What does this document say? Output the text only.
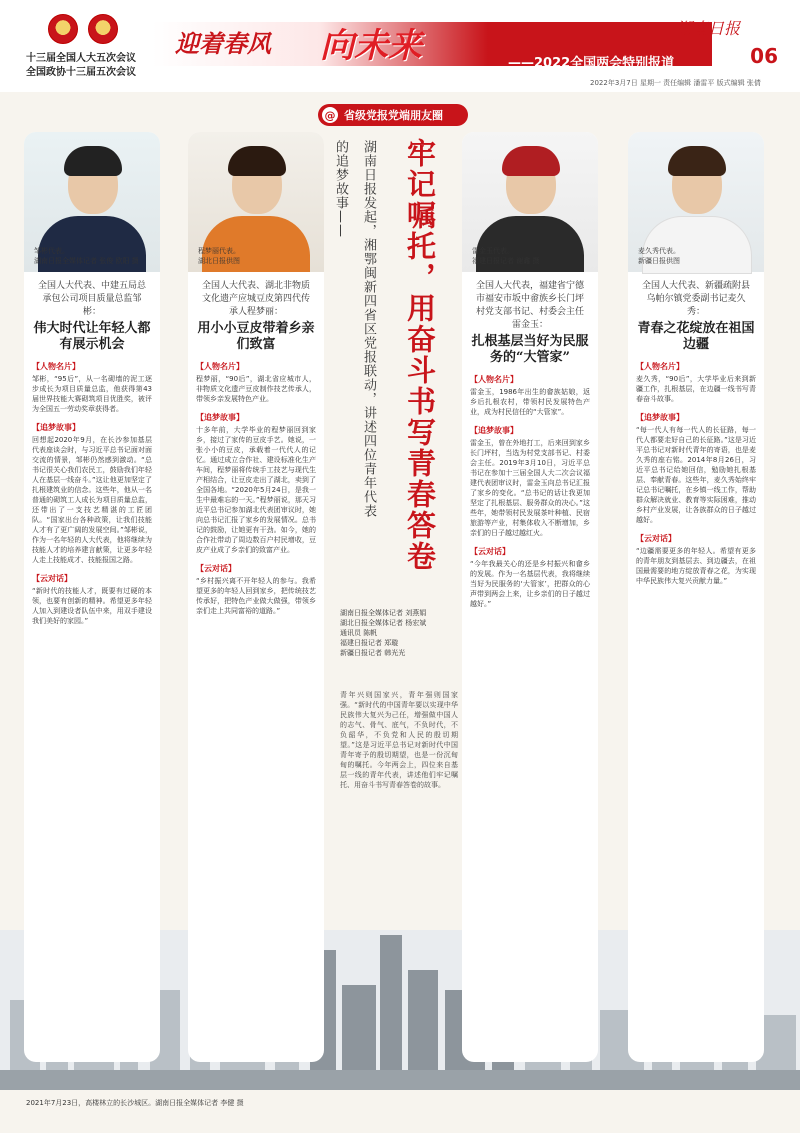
十三届全国人大五次会议
全国政协十三届五次会议
迎着春风 向未来	——2022全国两会特别报道
湖南日报
06
2022年3月7日 星期一 责任编辑 潘雷平 版式编辑 张倩
@ 省级党报党端朋友圈
邹彬代表。
湖南日报全媒体记者 张俊 欧阳 摄
全国人大代表、中建五局总承包公司项目质量总监邹彬：
伟大时代让年轻人都有展示机会
【人物名片】
邹彬，“95后”，从一名砌墙的泥工逐步成长为项目质量总监，他获得第43届世界技能大赛砌筑项目优胜奖，被评为全国五一劳动奖章获得者。
【追梦故事】
回想起2020年9月，在长沙参加基层代表座谈会时，与习近平总书记面对面交流的情景，邹彬仍然感到激动。“总书记很关心我们农民工，鼓励我们年轻人在基层一线奋斗。”这让他更加坚定了扎根建筑业的信念。这些年，他从一名普通的砌筑工人成长为项目质量总监，还带出了一支技艺精湛的工匠团队。“国家出台各种政策，让我们技能人才有了更广阔的发展空间。”邹彬说，作为一名年轻的人大代表，他将继续为技能人才的培养建言献策，让更多年轻人走上技能成才、技能报国之路。
【云对话】
“新时代的技能人才，既要有过硬的本领，也要有创新的精神。希望更多年轻人加入到建设者队伍中来，用双手建设我们美好的家园。”
程梦丽代表。
湖北日报供图
全国人大代表、湖北非物质文化遗产应城豆皮第四代传承人程梦丽：
用小小豆皮带着乡亲们致富
【人物名片】
程梦丽，“90后”，湖北省应城市人，非物质文化遗产豆皮制作技艺传承人，带领乡亲发展特色产业。
【追梦故事】
十多年前，大学毕业的程梦丽回到家乡，接过了家传的豆皮手艺。她说，一张小小的豆皮，承载着一代代人的记忆。通过成立合作社、建设标准化生产车间，程梦丽将传统手工技艺与现代生产相结合，让豆皮走出了湖北，卖到了全国各地。“2020年5月24日，是我一生中最难忘的一天。”程梦丽说，那天习近平总书记参加湖北代表团审议时，她向总书记汇报了家乡的发展情况。总书记的鼓励，让她更有干劲。如今，她的合作社带动了周边数百户村民增收，豆皮产业成了乡亲们的致富产业。
【云对话】
“乡村振兴离不开年轻人的参与。我希望更多的年轻人回到家乡，把传统技艺传承好，把特色产业做大做强，带领乡亲们走上共同富裕的道路。”
湖南日报发起，湘鄂闽新四省区党报联动，讲述四位青年代表的追梦故事——	牢记嘱托，用奋斗书写青春答卷
湖南日报全媒体记者 刘燕娟
湖北日报全媒体记者 杨宏斌
通讯员 陈帆
福建日报记者 郑璇
新疆日报记者 韩光光
青年兴则国家兴，青年强则国家强。“新时代的中国青年要以实现中华民族伟大复兴为己任，增强做中国人的志气、骨气、底气，不负时代，不负韶华，不负党和人民的殷切期望。”这是习近平总书记对新时代中国青年寄予的殷切期望，也是一份沉甸甸的嘱托。今年两会上，四位来自基层一线的青年代表，讲述他们牢记嘱托、用奋斗书写青春答卷的故事。
雷金玉代表。
福建日报记者 谢鑫 摄
全国人大代表，福建省宁德市福安市坂中畲族乡长门坪村党支部书记、村委会主任雷金玉：
扎根基层当好为民服务的“大管家”
【人物名片】
雷金玉，1986年出生的畲族姑娘，返乡后扎根农村，带领村民发展特色产业，成为村民信任的“大管家”。
【追梦故事】
雷金玉，曾在外地打工，后来回到家乡长门坪村，当选为村党支部书记、村委会主任。2019年3月10日，习近平总书记在参加十三届全国人大二次会议福建代表团审议时，雷金玉向总书记汇报了家乡的变化。“总书记的话让我更加坚定了扎根基层、服务群众的决心。”这些年，她带领村民发展茶叶种植、民宿旅游等产业，村集体收入不断增加，乡亲们的日子越过越红火。
【云对话】
“今年我最关心的还是乡村振兴和畲乡的发展。作为一名基层代表，我将继续当好为民服务的‘大管家’，把群众的心声带到两会上来，让乡亲们的日子越过越好。”
麦久秀代表。
新疆日报供图
全国人大代表、新疆疏附县乌帕尔镇党委副书记麦久秀：
青春之花绽放在祖国边疆
【人物名片】
麦久秀，“90后”，大学毕业后来到新疆工作，扎根基层，在边疆一线书写青春奋斗故事。
【追梦故事】
“每一代人有每一代人的长征路，每一代人都要走好自己的长征路。”这是习近平总书记对新时代青年的寄语，也是麦久秀的座右铭。2014年8月26日，习近平总书记给她回信，勉励她扎根基层、奉献青春。这些年，麦久秀始终牢记总书记嘱托，在乡镇一线工作，帮助群众解决就业、教育等实际困难，推动乡村产业发展，让各族群众的日子越过越好。
【云对话】
“边疆需要更多的年轻人。希望有更多的青年朋友到基层去、到边疆去，在祖国最需要的地方绽放青春之花，为实现中华民族伟大复兴贡献力量。”
2021年7月23日，高楼林立的长沙城区。湖南日报全媒体记者 李健 摄
